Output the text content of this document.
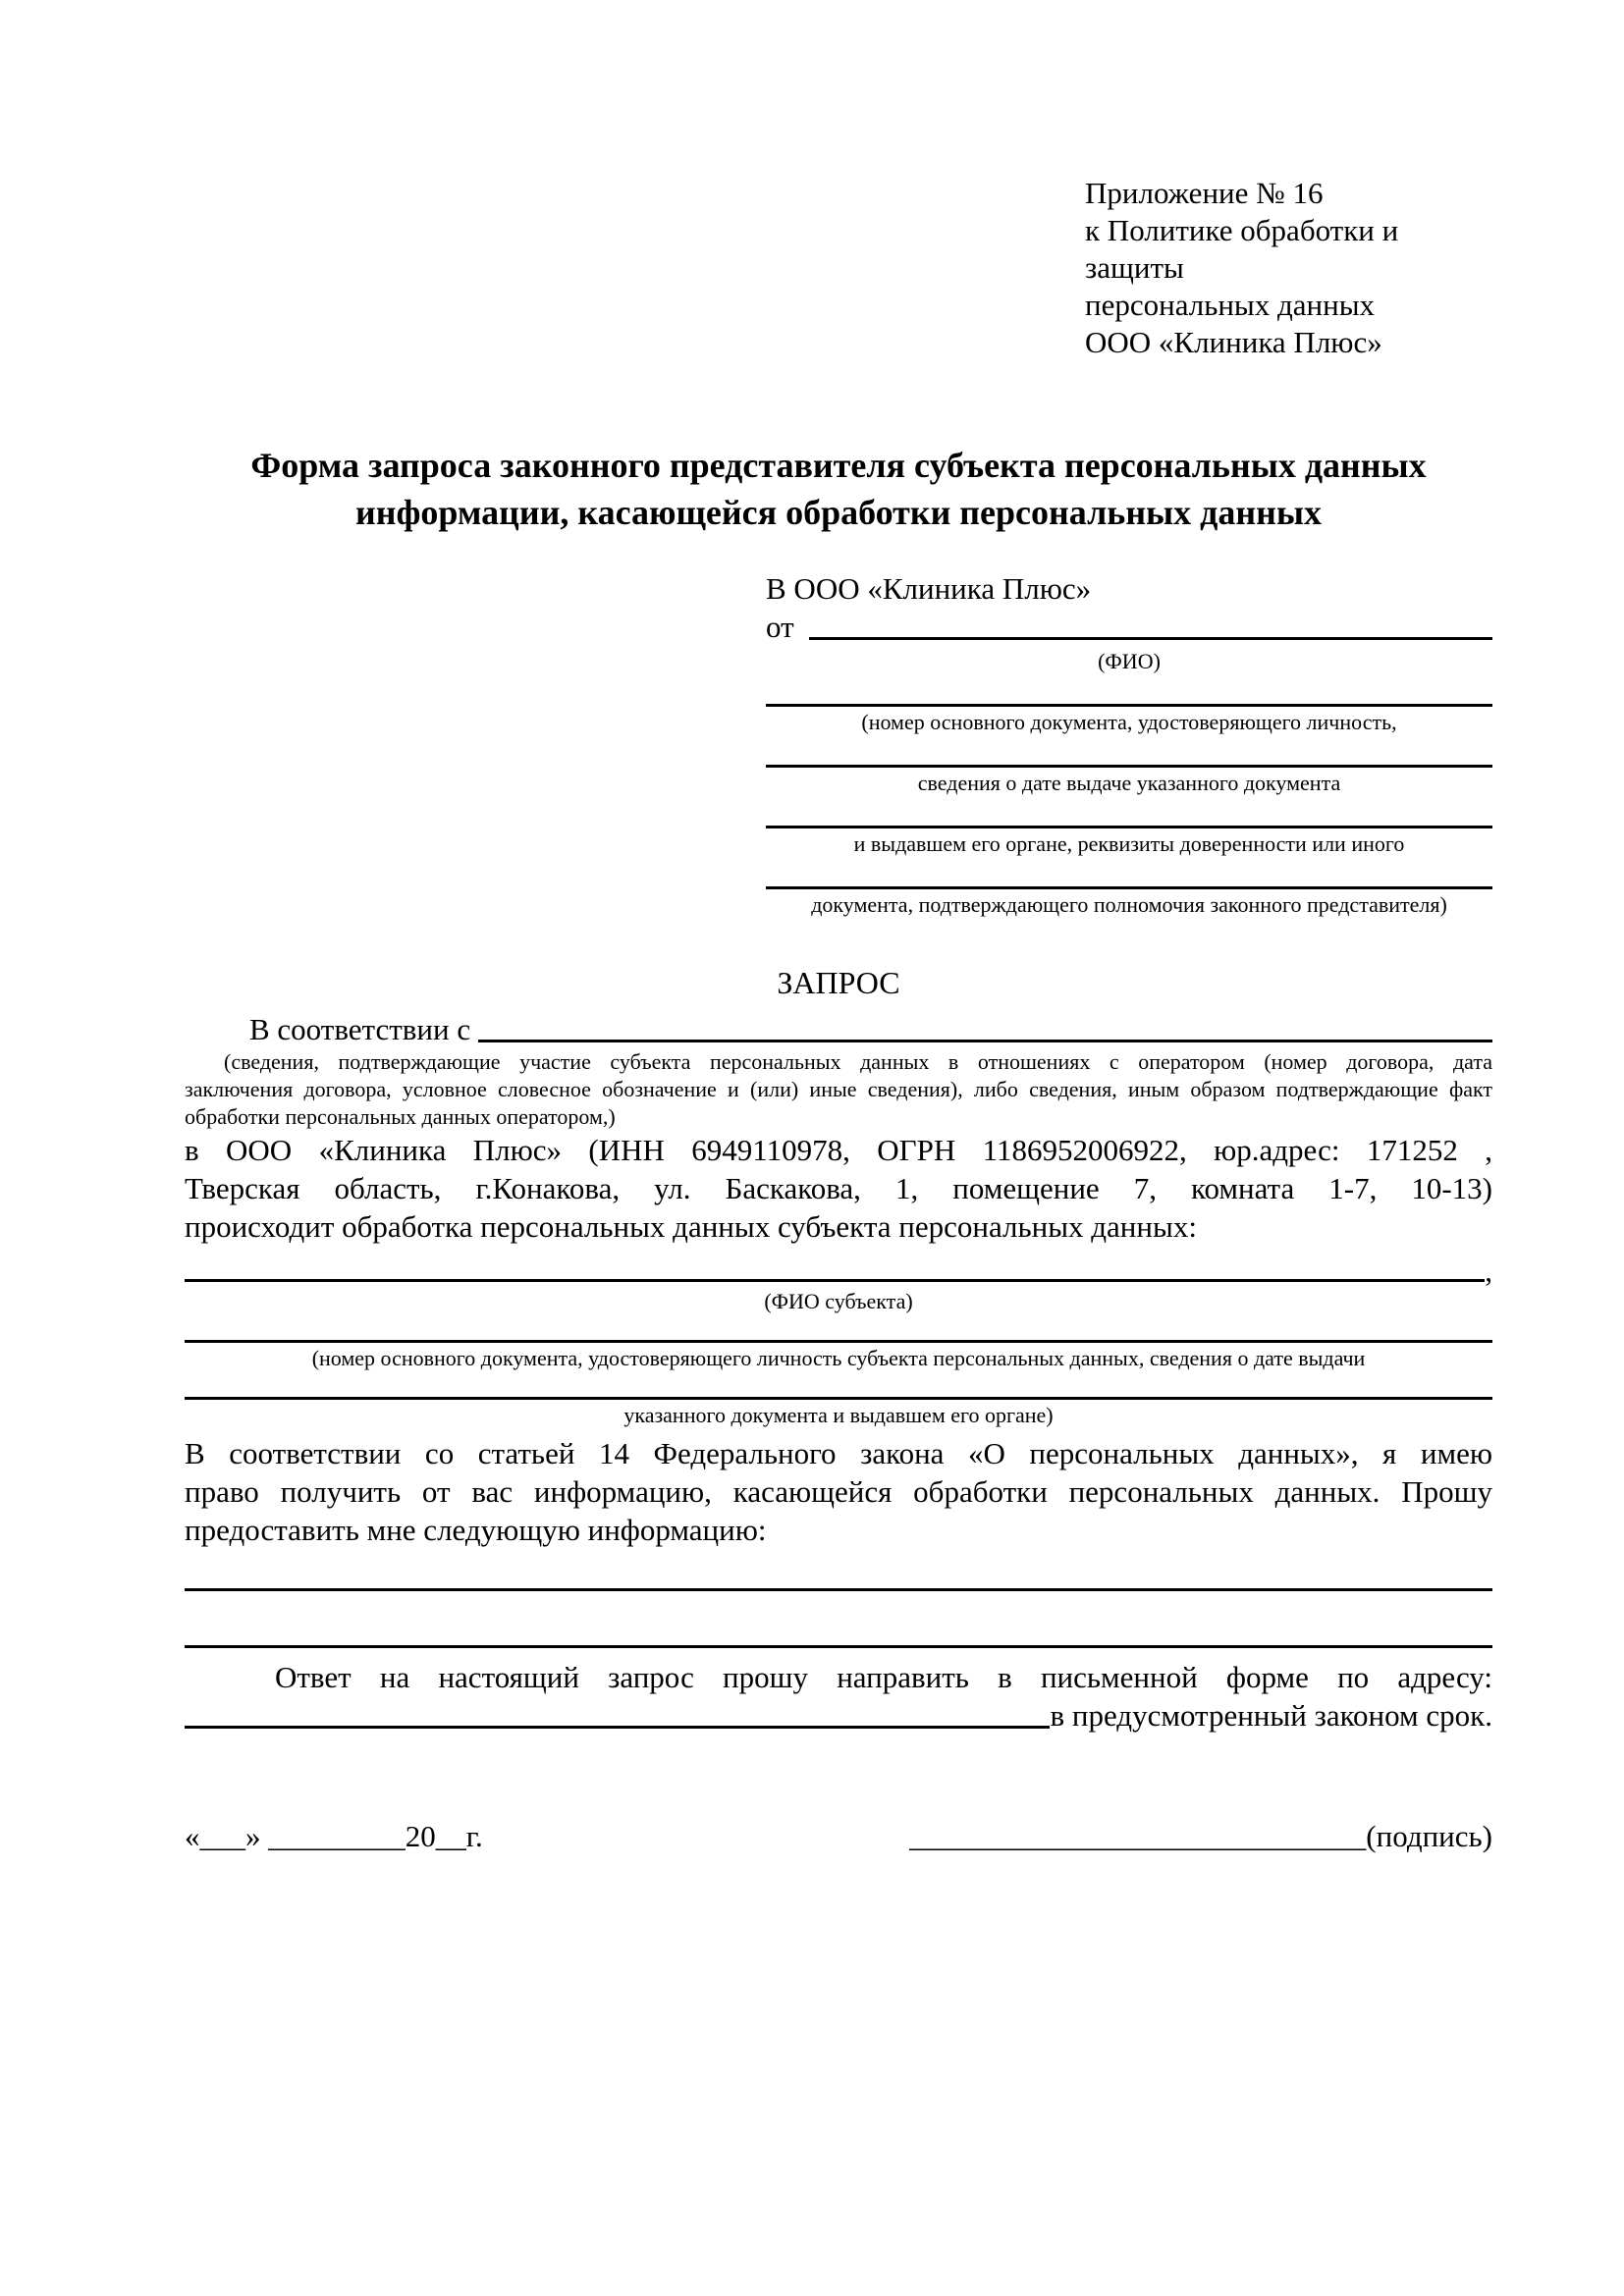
Приложение № 16
к Политике обработки и защиты
персональных данных
ООО «Клиника Плюс»
Форма запроса законного представителя субъекта персональных данных
информации, касающейся обработки персональных данных
В ООО «Клиника Плюс»
от
(ФИО)
(номер основного документа, удостоверяющего личность,
сведения о дате выдаче указанного документа
и выдавшем его органе, реквизиты доверенности или иного
документа, подтверждающего полномочия законного представителя)
ЗАПРОС
В соответствии с
(сведения, подтверждающие участие субъекта персональных данных в отношениях с оператором (номер договора, дата
заключения договора, условное словесное обозначение и (или) иные сведения), либо сведения, иным образом подтверждающие факт
обработки персональных данных оператором,)
в ООО «Клиника Плюс» (ИНН 6949110978, ОГРН 1186952006922, юр.адрес: 171252 ,
Тверская область, г.Конакова, ул. Баскакова, 1, помещение 7, комната 1-7, 10-13)
происходит обработка персональных данных субъекта персональных данных:
,
(ФИО субъекта)
(номер основного документа, удостоверяющего личность субъекта персональных данных, сведения о дате выдачи
указанного документа и выдавшем его органе)
В соответствии со статьей 14 Федерального закона «О персональных данных», я имею
право получить от вас информацию, касающейся обработки персональных данных. Прошу
предоставить мне следующую информацию:
Ответ на настоящий запрос прошу направить в письменной форме по адресу:
в предусмотренный законом срок.
«___» _________20__г.	______________________________(подпись)
